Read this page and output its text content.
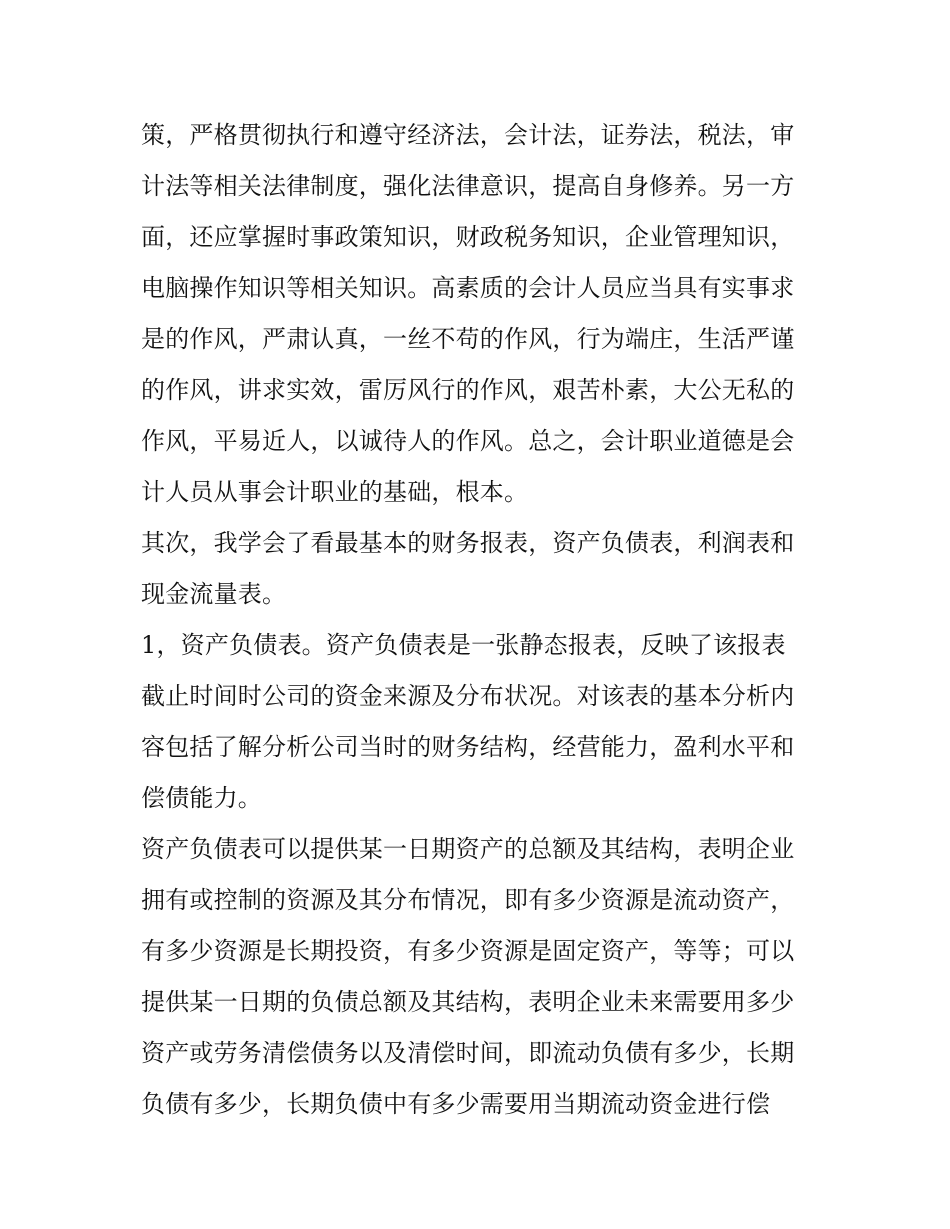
策，严格贯彻执行和遵守经济法，会计法，证券法，税法，审
计法等相关法律制度，强化法律意识，提高自身修养。另一方
面，还应掌握时事政策知识，财政税务知识，企业管理知识，
电脑操作知识等相关知识。高素质的会计人员应当具有实事求
是的作风，严肃认真，一丝不苟的作风，行为端庄，生活严谨
的作风，讲求实效，雷厉风行的作风，艰苦朴素，大公无私的
作风，平易近人，以诚待人的作风。总之，会计职业道德是会
计人员从事会计职业的基础，根本。
其次，我学会了看最基本的财务报表，资产负债表，利润表和
现金流量表。
1，资产负债表。资产负债表是一张静态报表，反映了该报表
截止时间时公司的资金来源及分布状况。对该表的基本分析内
容包括了解分析公司当时的财务结构，经营能力，盈利水平和
偿债能力。
资产负债表可以提供某一日期资产的总额及其结构，表明企业
拥有或控制的资源及其分布情况，即有多少资源是流动资产，
有多少资源是长期投资，有多少资源是固定资产，等等；可以
提供某一日期的负债总额及其结构，表明企业未来需要用多少
资产或劳务清偿债务以及清偿时间，即流动负债有多少，长期
负债有多少，长期负债中有多少需要用当期流动资金进行偿
